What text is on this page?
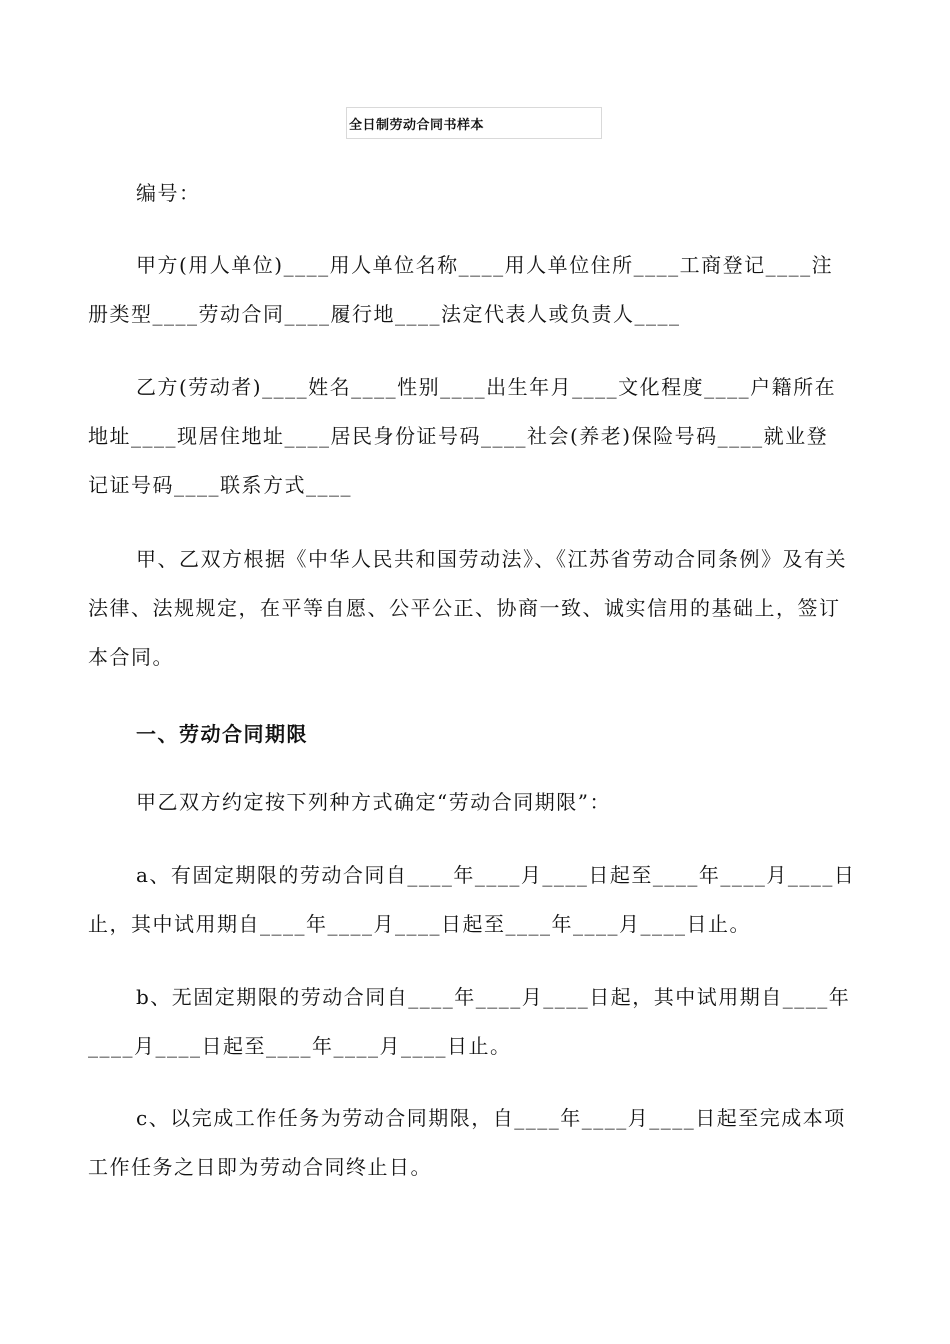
全日制劳动合同书样本
编号：
甲方(用人单位)____用人单位名称____用人单位住所____工商登记____注
册类型____劳动合同____履行地____法定代表人或负责人____
乙方(劳动者)____姓名____性别____出生年月____文化程度____户籍所在
地址____现居住地址____居民身份证号码____社会(养老)保险号码____就业登
记证号码____联系方式____
甲、乙双方根据《中华人民共和国劳动法》、《江苏省劳动合同条例》及有关
法律、法规规定，在平等自愿、公平公正、协商一致、诚实信用的基础上，签订
本合同。
一、劳动合同期限
甲乙双方约定按下列种方式确定“劳动合同期限”：
a、有固定期限的劳动合同自____年____月____日起至____年____月____日
止，其中试用期自____年____月____日起至____年____月____日止。
b、无固定期限的劳动合同自____年____月____日起，其中试用期自____年
____月____日起至____年____月____日止。
c、以完成工作任务为劳动合同期限，自____年____月____日起至完成本项
工作任务之日即为劳动合同终止日。
